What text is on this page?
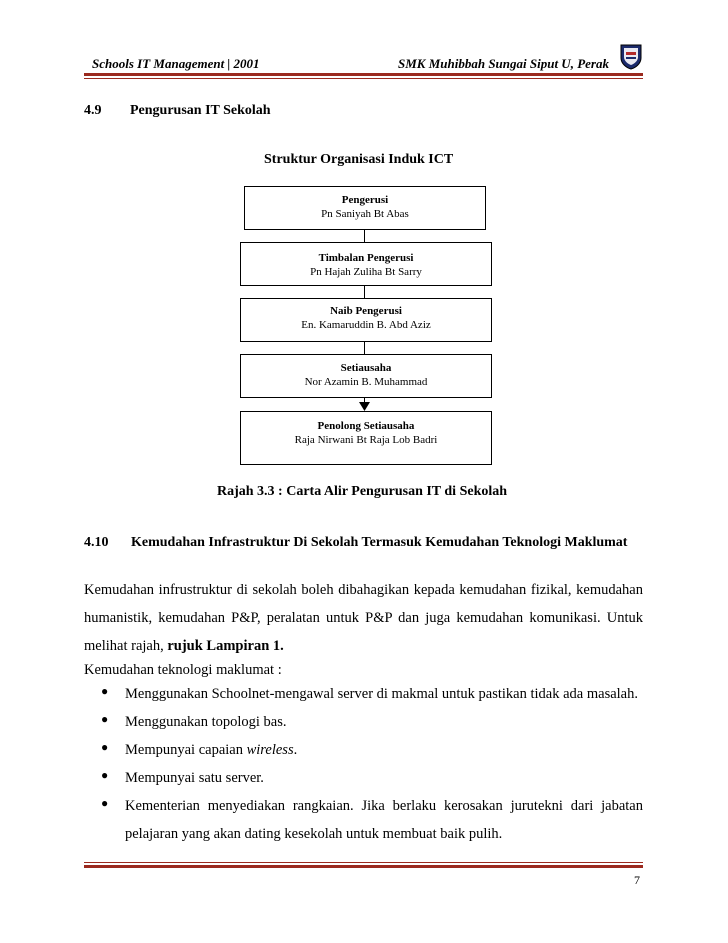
Schools IT Management | 2001	SMK Muhibbah Sungai Siput U, Perak
4.9 Pengurusan IT Sekolah
Struktur Organisasi Induk ICT
Pengerusi
Pn Saniyah Bt Abas
Timbalan Pengerusi
Pn Hajah Zuliha Bt Sarry
Naib Pengerusi
En. Kamaruddin B. Abd Aziz
Setiausaha
Nor Azamin B. Muhammad
Penolong Setiausaha
Raja Nirwani Bt Raja Lob Badri
Rajah 3.3 : Carta Alir Pengurusan IT di Sekolah
4.10 Kemudahan Infrastruktur Di Sekolah Termasuk Kemudahan Teknologi Maklumat
Kemudahan infrustruktur di sekolah boleh dibahagikan kepada kemudahan fizikal, kemudahan humanistik, kemudahan P&P, peralatan untuk P&P dan juga kemudahan komunikasi. Untuk melihat rajah, rujuk Lampiran 1.
Kemudahan teknologi maklumat :
● Menggunakan Schoolnet-mengawal server di makmal untuk pastikan tidak ada masalah.
● Menggunakan topologi bas.
● Mempunyai capaian wireless.
● Mempunyai satu server.
● Kementerian menyediakan rangkaian. Jika berlaku kerosakan jurutekni dari jabatan pelajaran yang akan dating kesekolah untuk membuat baik pulih.
7
